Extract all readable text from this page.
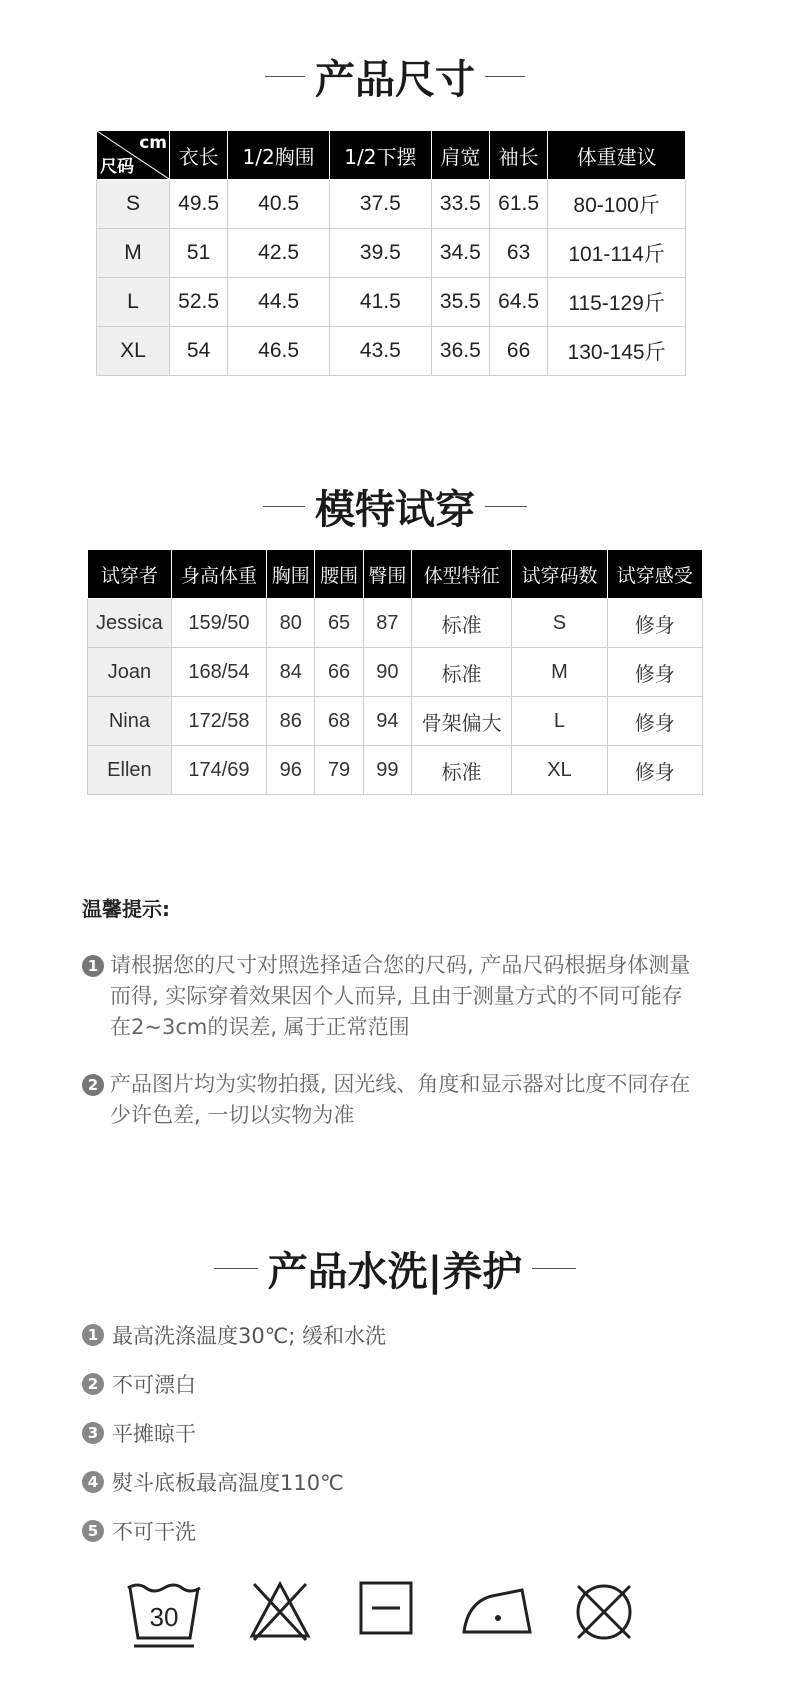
产品尺寸
cm
尺码	衣长	1/2胸围	1/2下摆	肩宽	袖长	体重建议
S	49.5	40.5	37.5	33.5	61.5	80-100斤
M	51	42.5	39.5	34.5	63	101-114斤
L	52.5	44.5	41.5	35.5	64.5	115-129斤
XL	54	46.5	43.5	36.5	66	130-145斤
模特试穿
试穿者	身高体重	胸围	腰围	臀围	体型特征	试穿码数	试穿感受
Jessica	159/50	80	65	87	标准	S	修身
Joan	168/54	84	66	90	标准	M	修身
Nina	172/58	86	68	94	骨架偏大	L	修身
Ellen	174/69	96	79	99	标准	XL	修身
温馨提示:
1 请根据您的尺寸对照选择适合您的尺码, 产品尺码根据身体测量而得, 实际穿着效果因个人而异, 且由于测量方式的不同可能存在2~3cm的误差, 属于正常范围
2 产品图片均为实物拍摄, 因光线、角度和显示器对比度不同存在少许色差, 一切以实物为准
产品水洗|养护
1 最高洗涤温度30℃; 缓和水洗
2 不可漂白
3 平摊晾干
4 熨斗底板最高温度110℃
5 不可干洗
30
